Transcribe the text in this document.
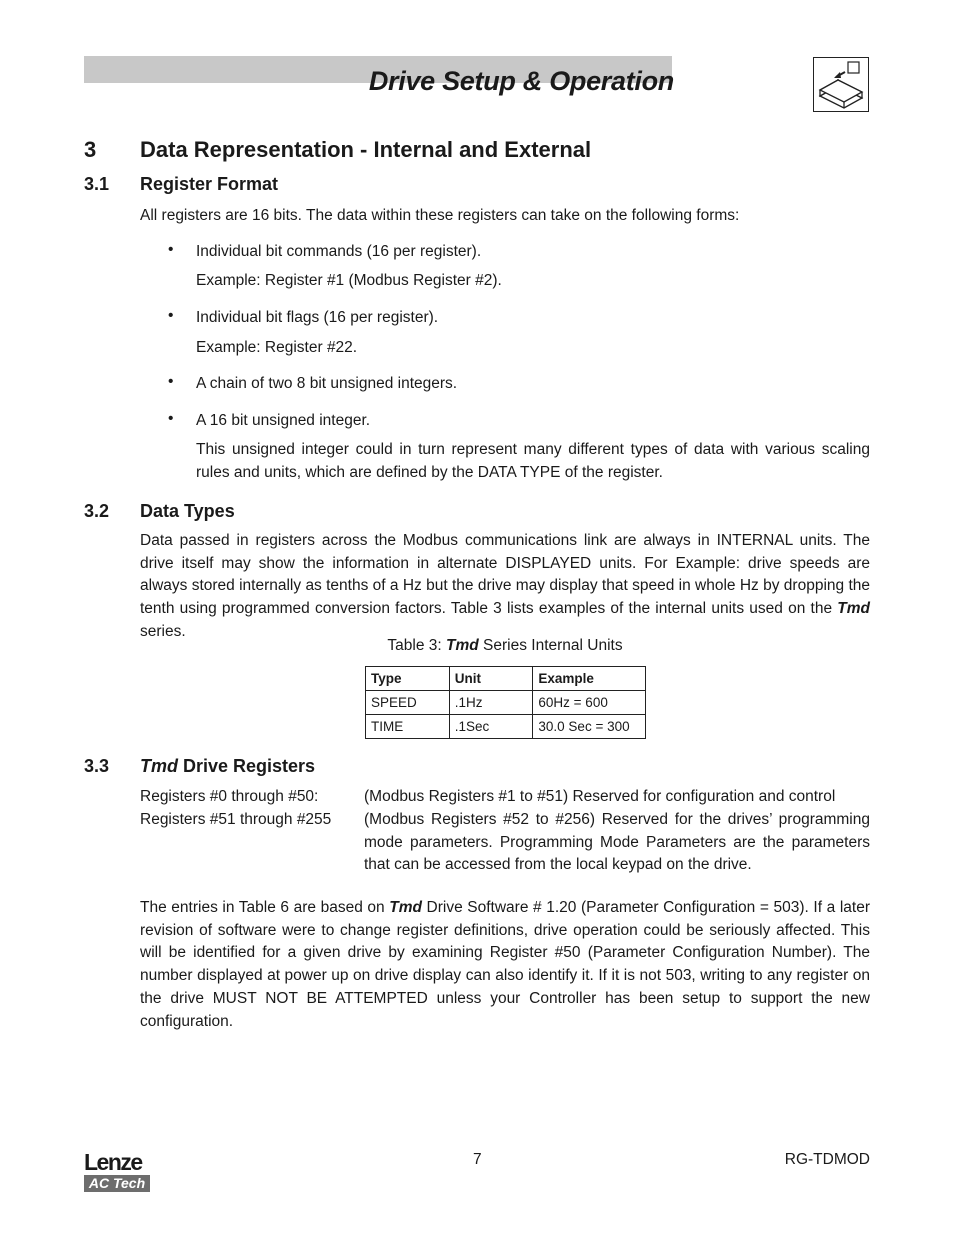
Drive Setup & Operation
3 Data Representation - Internal and External
3.1 Register Format
All registers are 16 bits. The data within these registers can take on the following forms:
• Individual bit commands (16 per register).
Example: Register #1 (Modbus Register #2).
• Individual bit flags (16 per register).
Example: Register #22.
• A chain of two 8 bit unsigned integers.
• A 16 bit unsigned integer.
This unsigned integer could in turn represent many different types of data with various scaling rules and units, which are defined by the DATA TYPE of the register.
3.2 Data Types
Data passed in registers across the Modbus communications link are always in INTERNAL units. The drive itself may show the information in alternate DISPLAYED units. For Example: drive speeds are always stored internally as tenths of a Hz but the drive may display that speed in whole Hz by dropping the tenth using programmed conversion factors. Table 3 lists examples of the internal units used on the Tmd series.
Table 3: Tmd Series Internal Units
Type	Unit	Example
SPEED	.1Hz	60Hz = 600
TIME	.1Sec	30.0 Sec = 300
3.3 Tmd Drive Registers
Registers #0 through #50:	(Modbus Registers #1 to #51) Reserved for configuration and control
Registers #51 through #255 (Modbus Registers #52 to #256) Reserved for the drives’ programming mode parameters. Programming Mode Parameters are the parameters that can be accessed from the local keypad on the drive.
The entries in Table 6 are based on Tmd Drive Software # 1.20 (Parameter Configuration = 503). If a later revision of software were to change register definitions, drive operation could be seriously affected. This will be identified for a given drive by examining Register #50 (Parameter Configuration Number). The number displayed at power up on drive display can also identify it. If it is not 503, writing to any register on the drive MUST NOT BE ATTEMPTED unless your Controller has been setup to support the new configuration.
Lenze
AC Tech
7	RG-TDMOD
